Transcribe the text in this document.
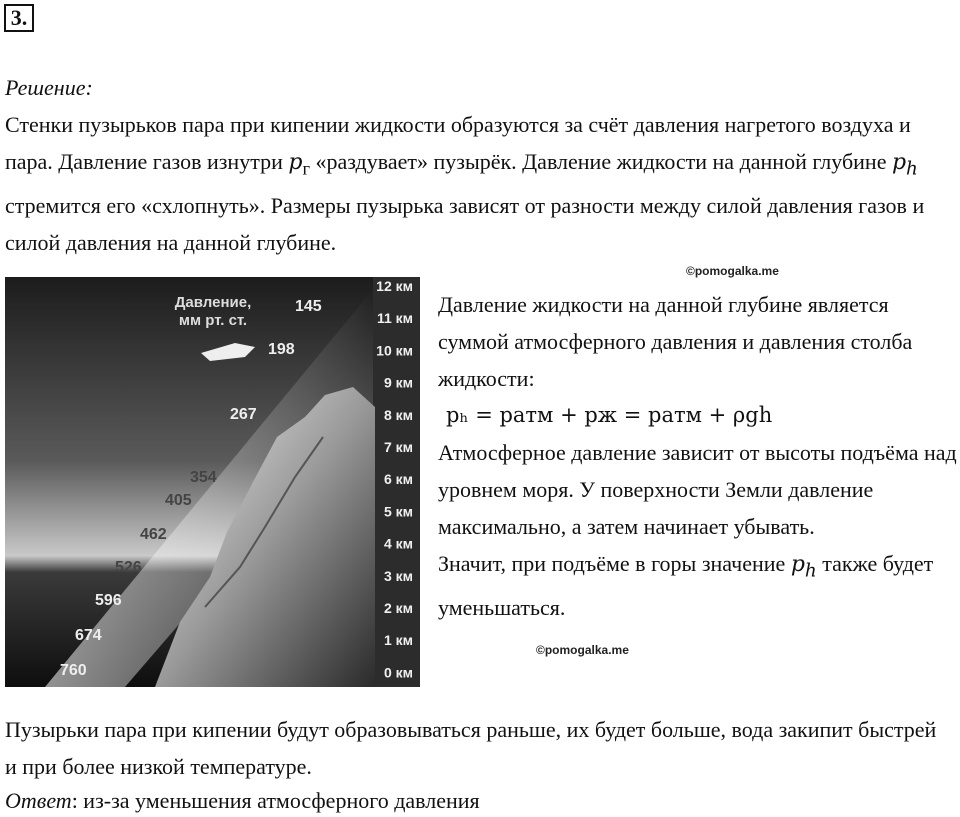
3.
Решение:

Стенки пузырьков пара при кипении жидкости образуются за счёт давления нагретого воздуха и пара. Давление газов изнутри $p_г$ «раздувает» пузырёк. Давление жидкости на данной глубине $p_h$ стремится его «схлопнуть». Размеры пузырька зависят от разности между силой давления газов и силой давления на данной глубине.

©pomogalka.me
Давление,
мм рт. ст.
760
674
596
526
462
405
354
267
198
145
12 км
11 км
10 км
9 км
8 км
7 км
6 км
5 км
4 км
3 км
2 км
1 км
0 км
Давление жидкости на данной глубине является суммой атмосферного давления и давления столба жидкости:
pₕ = pатм + pж = pатм + ρgh
Атмосферное давление зависит от высоты подъёма над уровнем моря. У поверхности Земли давление максимально, а затем начинает убывать.
Значит, при подъёме в горы значение $p_h$ также будет уменьшаться.
©pomogalka.me

Пузырьки пара при кипении будут образовываться раньше, их будет больше, вода закипит быстрей и при более низкой температуре.

Ответ: из-за уменьшения атмосферного давления
